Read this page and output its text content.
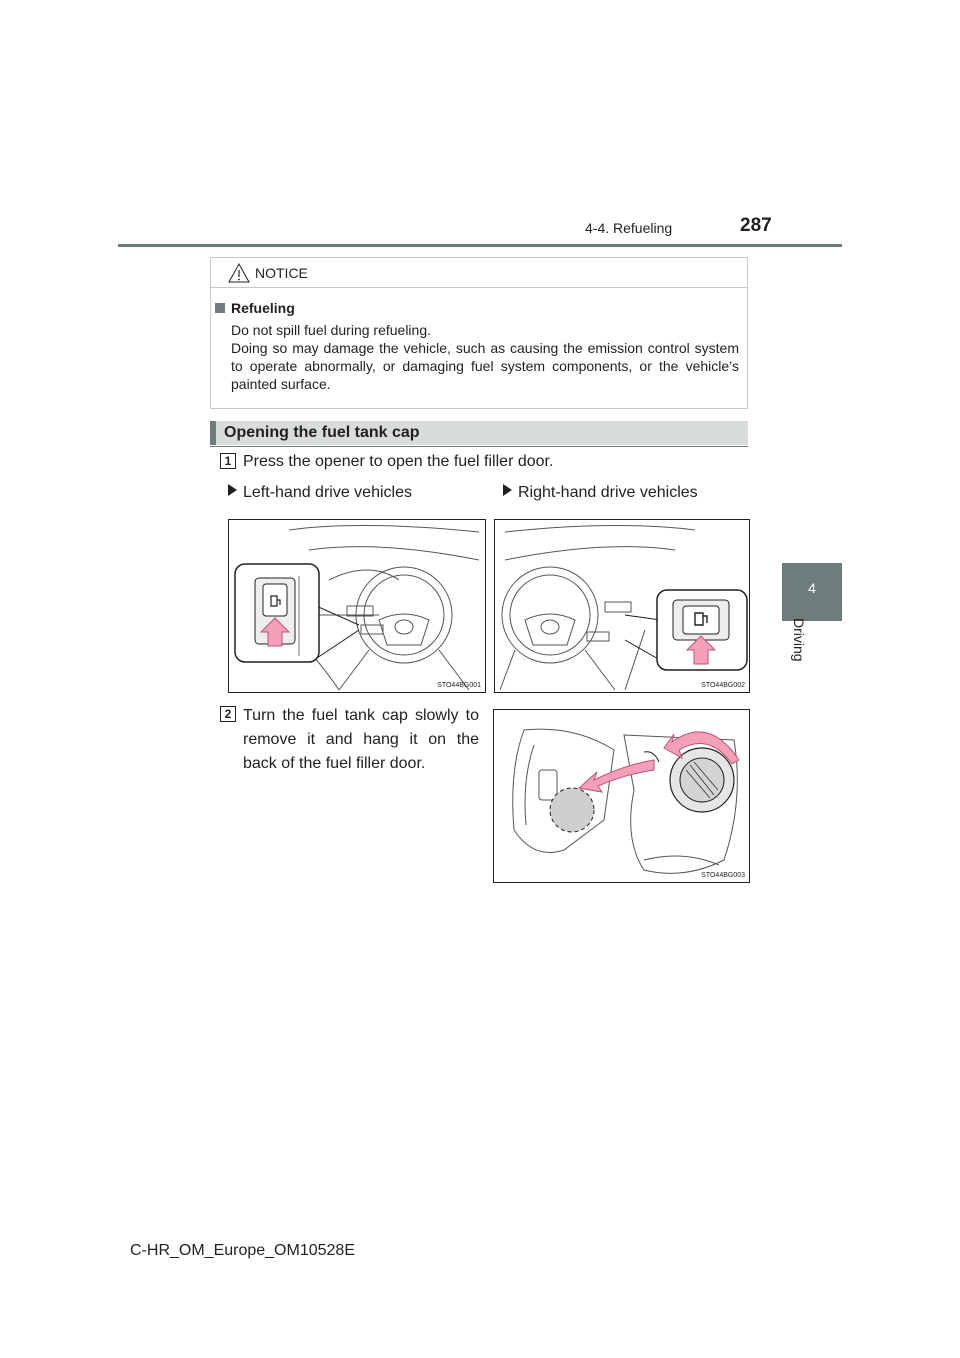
4-4. Refueling	287
4
Driving
NOTICE
Refueling
Do not spill fuel during refueling.
Doing so may damage the vehicle, such as causing the emission control system to operate abnormally, or damaging fuel system components, or the vehicle’s painted surface.
Opening the fuel tank cap
1 Press the opener to open the fuel filler door.
Left-hand drive vehicles	Right-hand drive vehicles
STO44BG001	STO44BG002
2 Turn the fuel tank cap slowly to remove it and hang it on the back of the fuel filler door.
STO44BG003
C-HR_OM_Europe_OM10528E
